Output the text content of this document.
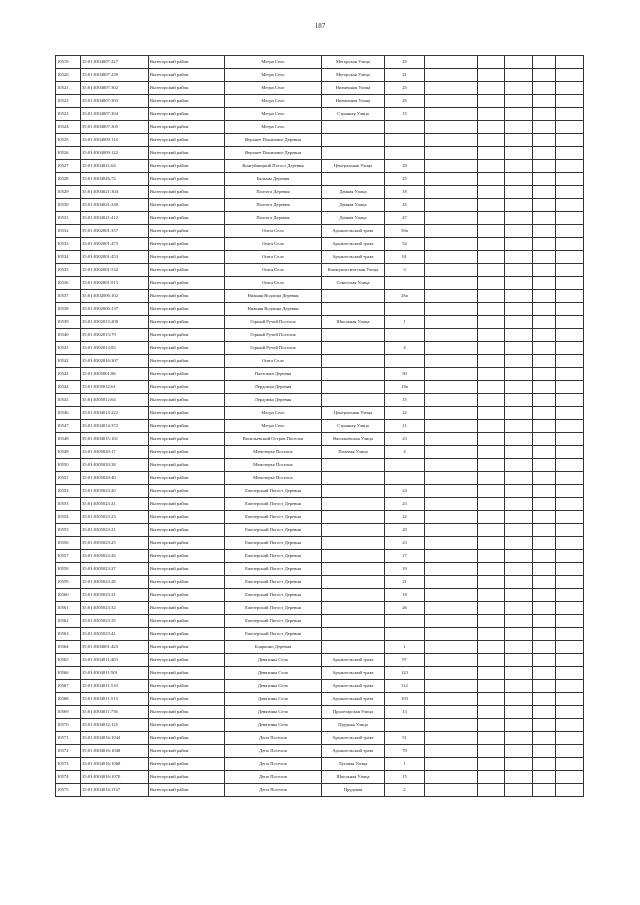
187
10519	35:01:0304007:227	Вытегорский район	Мегра Село	Мегорская Улица	25					
10520	35:01:0304007:239	Вытегорский район	Мегра Село	Мегорская Улица	21					
10521	35:01:0304007:302	Вытегорский район	Мегра Село	Низменная Улица	25					
10522	35:01:0304007:303	Вытегорский район	Мегра Село	Низменная Улица	26					
10523	35:01:0304007:304	Вытегорский район	Мегра Село	Странная Улица	15					
10524	35:01:0304007:305	Вытегорский район	Мегра Село							
10525	35:01:0304009:114	Вытегорский район	Верхнее Понизовье Деревня							
10526	35:01:0304009:122	Вытегорский район	Верхнее Понизовье Деревня							
10527	35:01:0304021:64	Вытегорский район	Конгуйницкий Погост Деревня	Центральная Улица	28					
10528	35:01:0304026:72	Вытегорский район	Бяльмы Деревня		25					
10529	35:01:0304021:304	Вытегорский район	Палтога Деревня	Дачная Улица	18					
10530	35:01:0304021:330	Вытегорский район	Палтога Деревня	Дачная Улица	45					
10531	35:01:0304021:412	Вытегорский район	Палтога Деревня	Дачная Улица	47					
10532	35:01:0302001:357	Вытегорский район	Оштa Село	Архангельский тракт	50а					
10533	35:01:0302001:473	Вытегорский район	Ошта Село	Архангельский тракт	52					
10534	35:01:0302001:453	Вытегорский район	Ошта Село	Архангельский тракт	61					
10535	35:01:0302001:532	Вытегорский район	Ошта Село	Коммунистическая Улица	3					
10536	35:01:0302001:913	Вытегорский район	Ошта Село	Советская Улица						
10537	35:01:0302006:102	Вытегорский район	Нижняя Водлица Деревня		26а					
10538	35:01:0302006:137	Вытегорский район	Нижняя Водлица Деревня							
10539	35:01:0302013:200	Вытегорский район	Горный Ручей Поселок	Школьная Улица	1					
10540	35:01:0302013:79	Вытегорский район	Горный Ручей Поселок							
10541	35:01:0302013:83	Вытегорский район	Горный Ручей Поселок		4					
10542	35:01:0302016:307	Вытегорский район	Ошта Село							
10543	35:01:0305001:86	Вытегорский район	Палтомка Деревня		50					
10544	35:01:0305012:61	Вытегорский район	Лердомка Деревня		18а					
10545	35:01:0305012:64	Вытегорский район	Лердомка Деревня		15					
10546	35:01:0304014:222	Вытегорский район	Мегра Село	Центральная Улица	22					
10547	35:01:0304014:372	Вытегорский район	Мегра Село	Странная Улица	11					
10548	35:01:0304015:101	Вытегорский район	Васильевский Остров Поселок	Васильевская Улица	23					
10549	35:01:0305020:17	Вытегорский район	Мемозерье Поселок	Полевая Улица	4					
10550	35:01:0305020:38	Вытегорский район	Мемозерье Поселок							
10551	35:01:0305020:40	Вытегорский район	Мемозерье Поселок							
10552	35:01:0305023:20	Вытегорский район	Ежезерский Погост Деревня		24					
10553	35:01:0305023:21	Вытегорский район	Ежезерский Погост Деревня		23					
10554	35:01:0305023:23	Вытегорский район	Ежезерский Погост Деревня		22					
10555	35:01:0305023:21	Вытегорский район	Ежезерский Погост Деревня		20					
10556	35:01:0305023:25	Вытегорский район	Ежезерский Погост Деревня		23					
10557	35:01:0305023:26	Вытегорский район	Ежезерский Погост Деревня		17					
10558	35:01:0305023:27	Вытегорский район	Ежезерский Погост Деревня		19					
10559	35:01:0305023:28	Вытегорский район	Ежезерский Погост Деревня		21					
10560	35:01:0305023:31	Вытегорский район	Ежезерский Погост Деревня		18					
10561	35:01:0305023:32	Вытегорский район	Ежезерский Погост Деревня		26					
10562	35:01:0305023:35	Вытегорский район	Ежезерский Погост Деревня							
10563	35:01:0305023:41	Вытегорский район	Ежезерский Погост Деревня							
10564	35:01:0304001:423	Вытегорский район	Бояркино Деревня		1					
10565	35:01:0304011:403	Вытегорский район	Девятины Село	Архангельский тракт	97					
10566	35:01:0304011:501	Вытегорский район	Девятины Село	Архангельский тракт	123					
10567	35:01:0304011:510	Вытегорский район	Девятины Село	Архангельский тракт	112					
10568	35:01:0304011:513	Вытегорский район	Девятины Село	Архангельский тракт	103					
10569	35:01:0304011:756	Вытегорский район	Девятины Село	Пролетарская Улица	13					
10570	35:01:0304012:125	Вытегорский район	Девятины Село	Прудная Улица						
10571	35:01:0304016:1044	Вытегорский район	Депо Поселок	Архангельский тракт	51					
10572	35:01:0304016:1048	Вытегорский район	Депо Поселок	Архангельский тракт	70					
10573	35:01:0304016:1068	Вытегорский район	Депо Поселок	Луговая Улица	1					
10574	35:01:0304016:1070	Вытегорский район	Депо Поселок	Школьная Улица	15					
10575	35:01:0304016:1137	Вытегорский район	Депо Поселок	Прудовая	2					
